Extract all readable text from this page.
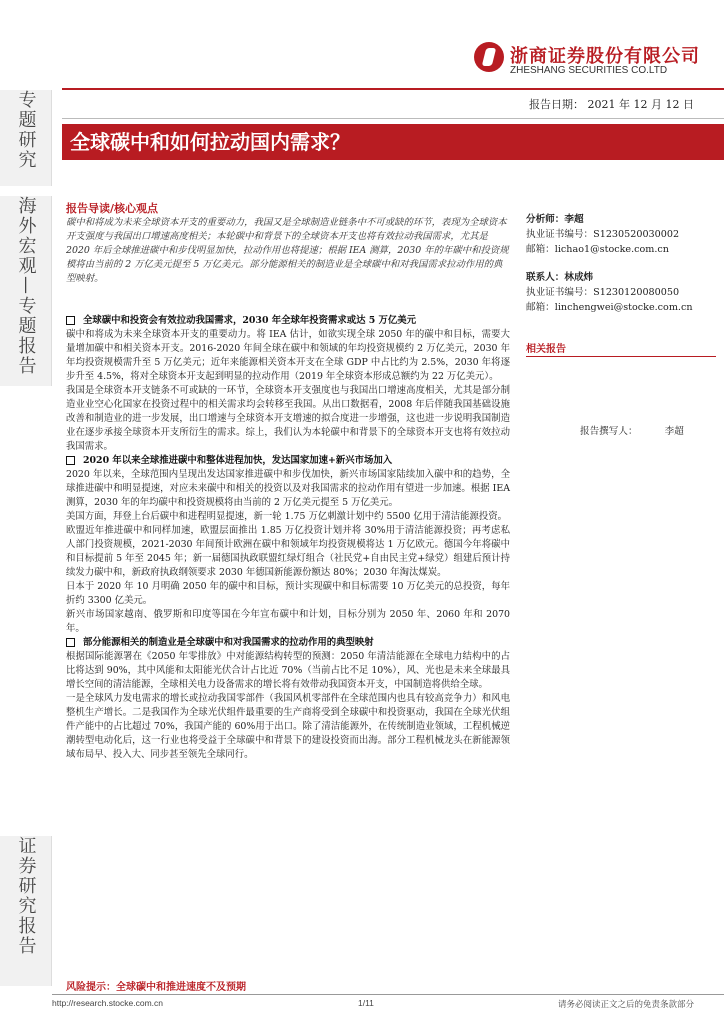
浙商证券股份有限公司
ZHESHANG SECURITIES CO.LTD
报告日期： 2021 年 12 月 12 日
全球碳中和如何拉动国内需求？
专题研究
海外宏观—专题报告
证券研究报告
报告导读/核心观点
碳中和将成为未来全球资本开支的重要动力，我国又是全球制造业链条中不可或缺的环节，表现为全球资本开支强度与我国出口增速高度相关；本轮碳中和背景下的全球资本开支也将有效拉动我国需求，尤其是 2020 年后全球推进碳中和步伐明显加快，拉动作用也将提速；根据 IEA 测算，2030 年的年碳中和投资规模将由当前的 2 万亿美元提至 5 万亿美元。部分能源相关的制造业是全球碳中和对我国需求拉动作用的典型映射。
全球碳中和投资会有效拉动我国需求，2030 年全球年投资需求或达 5 万亿美元

碳中和将成为未来全球资本开支的重要动力。将 IEA 估计，如欲实现全球 2050 年的碳中和目标，需要大量增加碳中和相关资本开支。2016-2020 年间全球在碳中和领域的年均投资规模约 2 万亿美元，2030 年年均投资规模需升至 5 万亿美元；近年来能源相关资本开支在全球 GDP 中占比约为 2.5%，2030 年将逐步升至 4.5%，将对全球资本开支起到明显的拉动作用（2019 年全球资本形成总额约为 22 万亿美元）。

我国是全球资本开支链条不可或缺的一环节，全球资本开支强度也与我国出口增速高度相关，尤其是部分制造业业空心化国家在投资过程中的相关需求均会转移至我国。从出口数据看，2008 年后伴随我国基础设施改善和制造业的进一步发展，出口增速与全球资本开支增速的拟合度进一步增强，这也进一步说明我国制造业在逐步承接全球资本开支所衍生的需求。综上，我们认为本轮碳中和背景下的全球资本开支也将有效拉动我国需求。

2020 年以来全球推进碳中和整体进程加快，发达国家加速+新兴市场加入

2020 年以来，全球范围内呈现出发达国家推进碳中和步伐加快，新兴市场国家陆续加入碳中和的趋势，全球推进碳中和明显提速，对应未来碳中和相关的投资以及对我国需求的拉动作用有望进一步加速。根据 IEA 测算，2030 年的年均碳中和投资规模将由当前的 2 万亿美元提至 5 万亿美元。

美国方面，拜登上台后碳中和进程明显提速，新一轮 1.75 万亿刺激计划中约 5500 亿用于清洁能源投资。

欧盟近年推进碳中和同样加速，欧盟层面推出 1.85 万亿投资计划并将 30%用于清洁能源投资；再考虑私人部门投资规模，2021-2030 年间预计欧洲在碳中和领域年均投资规模将达 1 万亿欧元。德国今年将碳中和目标提前 5 年至 2045 年；新一届德国执政联盟红绿灯组合（社民党+自由民主党+绿党）组建后预计持续发力碳中和，新政府执政纲领要求 2030 年德国新能源份额达 80%；2030 年淘汰煤炭。

日本于 2020 年 10 月明确 2050 年的碳中和目标，预计实现碳中和目标需要 10 万亿美元的总投资，每年折约 3300 亿美元。

新兴市场国家越南、俄罗斯和印度等国在今年宣布碳中和计划，目标分别为 2050 年、2060 年和 2070 年。

部分能源相关的制造业是全球碳中和对我国需求的拉动作用的典型映射

根据国际能源署在《2050 年零排放》中对能源结构转型的预测：2050 年清洁能源在全球电力结构中的占比将达到 90%，其中风能和太阳能光伏合计占比近 70%（当前占比不足 10%），风、光也是未来全球最具增长空间的清洁能源，全球相关电力设备需求的增长将有效带动我国资本开支，中国制造将供给全球。

一是全球风力发电需求的增长或拉动我国零部件（我国风机零部件在全球范围内也具有较高竞争力）和风电整机生产增长。二是我国作为全球光伏组件最重要的生产商将受到全球碳中和投资驱动，我国在全球光伏组件产能中的占比超过 70%，我国产能的 60%用于出口。除了清洁能源外，在传统制造业领域，工程机械逆潮转型电动化后，这一行业也将受益于全球碳中和背景下的建设投资而出海。部分工程机械龙头在新能源领域布局早、投入大、同步甚至领先全球同行。

风险提示：全球碳中和推进速度不及预期
分析师：李超
执业证书编号：S1230520030002
邮箱：lichao1@stocke.com.cn
联系人：林成炜
执业证书编号：S1230120080050
邮箱：linchengwei@stocke.com.cn
相关报告
报告撰写人：	李超
http://research.stocke.com.cn	1/11	请务必阅读正文之后的免责条款部分
